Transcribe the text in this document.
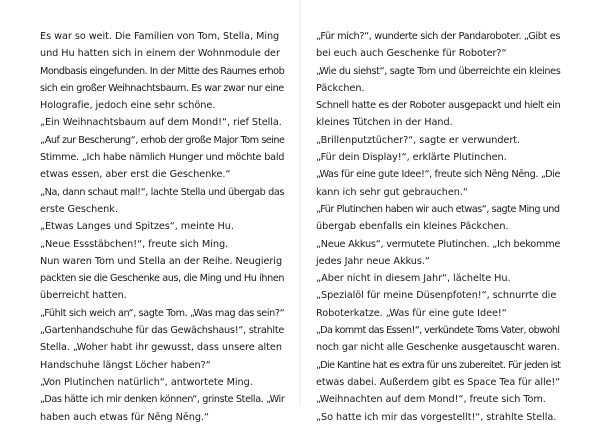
Es war so weit. Die Familien von Tom, Stella, Ming
und Hu hatten sich in einem der Wohnmodule der
Mondbasis eingefunden. In der Mitte des Raumes erhob
sich ein großer Weihnachtsbaum. Es war zwar nur eine
Holografie, jedoch eine sehr schöne.
„Ein Weihnachtsbaum auf dem Mond!“, rief Stella.
„Auf zur Bescherung“, erhob der große Major Tom seine
Stimme. „Ich habe nämlich Hunger und möchte bald
etwas essen, aber erst die Geschenke.“
„Na, dann schaut mal!“, lachte Stella und übergab das
erste Geschenk.
„Etwas Langes und Spitzes“, meinte Hu.
„Neue Essstäbchen!“, freute sich Ming.
Nun waren Tom und Stella an der Reihe. Neugierig
packten sie die Geschenke aus, die Ming und Hu ihnen
überreicht hatten.
„Fühlt sich weich an“, sagte Tom. „Was mag das sein?“
„Gartenhandschuhe für das Gewächshaus!“, strahlte
Stella. „Woher habt ihr gewusst, dass unsere alten
Handschuhe längst Löcher haben?“
„Von Plutinchen natürlich“, antwortete Ming.
„Das hätte ich mir denken können“, grinste Stella. „Wir
haben auch etwas für Nēng Nēng.“
„Für mich?“, wunderte sich der Pandaroboter. „Gibt es
bei euch auch Geschenke für Roboter?“
„Wie du siehst“, sagte Tom und überreichte ein kleines
Päckchen.
Schnell hatte es der Roboter ausgepackt und hielt ein
kleines Tütchen in der Hand.
„Brillenputztücher?“, sagte er verwundert.
„Für dein Display!“, erklärte Plutinchen.
„Was für eine gute Idee!“, freute sich Nēng Nēng. „Die
kann ich sehr gut gebrauchen.“
„Für Plutinchen haben wir auch etwas“, sagte Ming und
übergab ebenfalls ein kleines Päckchen.
„Neue Akkus“, vermutete Plutinchen. „Ich bekomme
jedes Jahr neue Akkus.“
„Aber nicht in diesem Jahr“, lächelte Hu.
„Spezialöl für meine Düsenpfoten!“, schnurrte die
Roboterkatze. „Was für eine gute Idee!“
„Da kommt das Essen!“, verkündete Toms Vater, obwohl
noch gar nicht alle Geschenke ausgetauscht waren.
„Die Kantine hat es extra für uns zubereitet. Für jeden ist
etwas dabei. Außerdem gibt es Space Tea für alle!“
„Weihnachten auf dem Mond!“, freute sich Tom.
„So hatte ich mir das vorgestellt!“, strahlte Stella.
